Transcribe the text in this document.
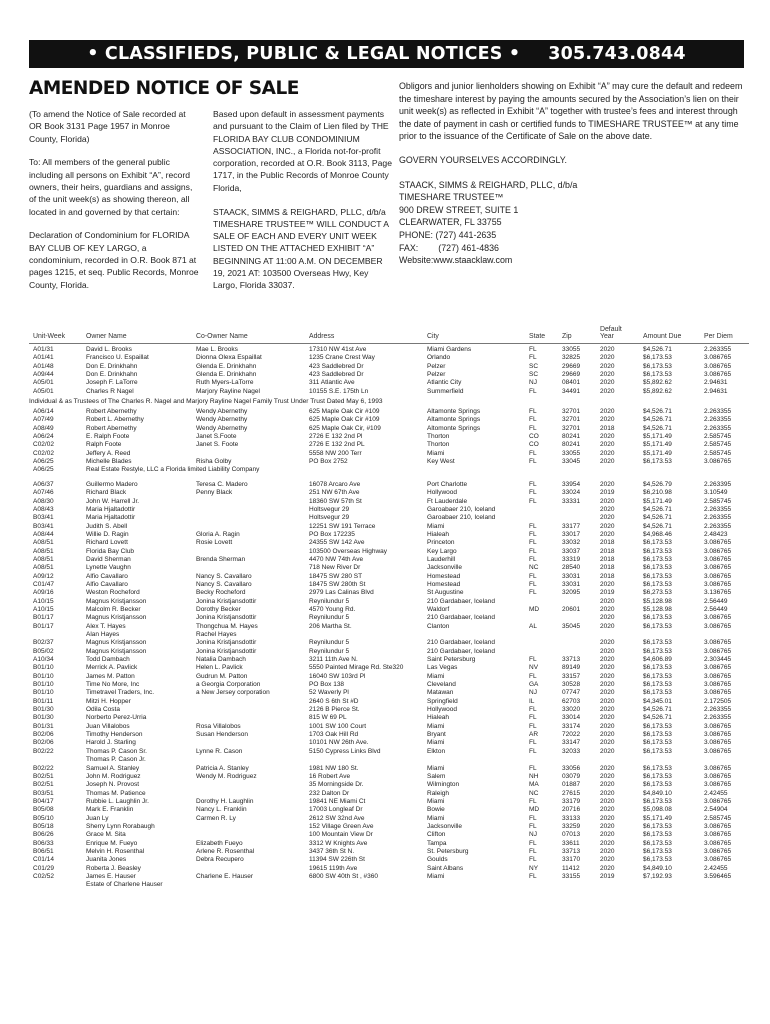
• CLASSIFIEDS, PUBLIC & LEGAL NOTICES • 305.743.0844
AMENDED NOTICE OF SALE

(To amend the Notice of Sale recorded at OR Book 3131 Page 1957 in Monroe County, Florida)

To: All members of the general public including all persons on Exhibit “A”, record owners, their heirs, guardians and assigns, of the unit week(s) as showing thereon, all located in and governed by that certain:

Declaration of Condominium for FLORIDA BAY CLUB OF KEY LARGO, a condominium, recorded in O.R. Book 871 at pages 1215, et seq. Public Records, Monroe County, Florida.

Based upon default in assessment payments and pursuant to the Claim of Lien filed by THE FLORIDA BAY CLUB CONDOMINIUM ASSOCIATION, INC., a Florida not-for-profit corporation, recorded at O.R. Book 3113, Page 1717, in the Public Records of Monroe County Florida,

STAACK, SIMMS & REIGHARD, PLLC, d/b/a TIMESHARE TRUSTEE™ WILL CONDUCT A SALE OF EACH AND EVERY UNIT WEEK LISTED ON THE ATTACHED EXHIBIT “A” BEGINNING AT 11:00 A.M. ON DECEMBER 19, 2021 AT: 103500 Overseas Hwy, Key Largo, Florida 33037.

Obligors and junior lienholders showing on Exhibit “A” may cure the default and redeem the timeshare interest by paying the amounts secured by the Association’s lien on their unit week(s) as reflected in Exhibit “A” together with trustee’s fees and interest through the date of payment in cash or certified funds to TIMESHARE TRUSTEE™ at any time prior to the issuance of the Certificate of Sale on the above date.

GOVERN YOURSELVES ACCORDINGLY.

STAACK, SIMMS & REIGHARD, PLLC, d/b/a
TIMESHARE TRUSTEE™
900 DREW STREET, SUITE 1
CLEARWATER, FL 33755
PHONE: (727) 441-2635
FAX: (727) 461-4836
Website:www.staacklaw.com
Unit-Week	Owner Name	Co-Owner Name	Address	City	State Zip
Default Year	Amount Due	Per Diem
A01/31	David L. Brooks	Mae L. Brooks	17310 NW 41st Ave	Miami Gardens	FL	33055	2020	$4,526.71	2.263355
A01/41	Francisco U. Espaillat	Dionna Olexa Espaillat	1235 Crane Crest Way	Orlando	FL	32825	2020	$6,173.53	3.086765
A01/48	Don E. Drinkhahn	Glenda E. Drinkhahn	423 Saddlebred Dr	Pelzer	SC	29669	2020	$6,173.53	3.086765
A09/44	Don E. Drinkhahn	Glenda E. Drinkhahn	423 Saddlebred Dr	Pelzer	SC	29669	2020	$6,173.53	3.086765
A05/01	Joseph F. LaTorre	Ruth Myers-LaTorre	311 Atlantic Ave	Atlantic City	NJ	08401	2020	$5,892.62	2.94631
A05/01	Charles R Nagel	Marjory Rayline Nagel	10155 S.E. 175th Ln	Summerfield	FL	34491	2020	$5,892.62	2.94631
Individual & as Trustees of The Charles R. Nagel and Marjory Rayline Nagel Family Trust Under Trust Dated May 6, 1993
A06/14	Robert Abernethy	Wendy Abernethy	625 Maple Oak Cir #109	Altamonte Springs	FL	32701	2020	$4,526.71	2.263355
A07/49	Robert L. Abernethy	Wendy Abernethy	625 Maple Oak Cir #109	Altamonte Springs	FL	32701	2020	$4,526.71	2.263355
A08/49	Robert Abernethy	Wendy Abernethy	625 Maple Oak Cir, #109	Altomonte Springs	FL	32701	2018	$4,526.71	2.263355
A06/24	E. Ralph Foote	Janet S.Foote	2726 E 132 2nd Pl	Thorton	CO	80241	2020	$5,171.49	2.585745
C02/02	Ralph Foote	Janet S. Foote	2726 E 132 2nd PL	Thorton	CO	80241	2020	$5,171.49	2.585745
C02/02	Jeffery A. Reed	5558 NW 200 Terr	Miami	FL	33055	2020	$5,171.49	2.585745
A06/25	Michelle Blades	Risha Golby	PO Box 2752	Key West	FL	33045	2020	$6,173.53	3.086765
A06/25	Real Estate Restyle, LLC a Florida limited Liability Company
A06/37	Guillermo Madero	Teresa C. Madero	16078 Arcaro Ave	Port Charlotte	FL	33954	2020	$4,526.79	2.263395
A07/46	Richard Black	Penny Black	251 NW 67th Ave	Hollywood	FL	33024	2019	$6,210.98	3.10549
A08/30	John W. Harrell Jr.	18360 SW 57th St	Ft Lauderdale	FL	33331	2020	$5,171.49	2.585745
A08/43	Maria Hjaltadottir	Holtsvegur 29	Garoabaer 210, Iceland	2020	$4,526.71	2.263355
B03/41	Maria Hjaltadottir	Holtsvegur 29	Garoabaer 210, Iceland	2020	$4,526.71	2.263355
B03/41	Judith S. Abell	12251 SW 191 Terrace	Miami	FL	33177	2020	$4,526.71	2.263355
A08/44	Willie D. Ragin	Gloria A. Ragin	PO Box 172235	Hialeah	FL	33017	2020	$4,968.46	2.48423
A08/51	Richard Lovett	Rosie Lovett	24355 SW 142 Ave	Princeton	FL	33032	2018	$6,173.53	3.086765
A08/51	Florida Bay Club	103500 Overseas Highway	Key Largo	FL	33037	2018	$6,173.53	3.086765
A08/51	David Sherman	Brenda Sherman	4470 NW 74th Ave	Lauderhill	FL	33319	2018	$6,173.53	3.086765
A08/51	Lynette Vaughn	718 New River Dr	Jacksonville	NC	28540	2018	$6,173.53	3.086765
A09/12	Alfio Cavallaro	Nancy S. Cavallaro	18475 SW 280 ST	Homestead	FL	33031	2018	$6,173.53	3.086765
C01/47	Alfio Cavallaro	Nancy S. Cavallaro	18475 SW 280th St	Homestead	FL	33031	2020	$6,173.53	3.086765
A09/16	Weston Rocheford	Becky Rocheford	2979 Las Calinas Blvd	St Augustine	FL	32095	2019	$6,273.53	3.136765
A10/15	Magnus Kristjansson	Jonina Kristjansdottir	Reynilundur 5	210 Gardabaer, Iceland	2020	$5,128.98	2.56449
A10/15	Malcolm R. Becker	Dorothy Becker	4570 Young Rd.	Waldorf	MD	20601	2020	$5,128.98	2.56449
B01/17	Magnus Kristjansson	Jonina Kristjansdottir	Reynilundur 5	210 Gardabaer, Iceland	2020	$6,173.53	3.086765
B01/17	Alex T. Hayes	Thongchua M. Hayes	206 Martha St.	Clanton	AL	35045	2020	$6,173.53	3.086765
Alan Hayes	Rachel Hayes
B02/37	Magnus Kristjansson	Jonina Kristjansdottir	Reynilundur 5	210 Gardabaer, Iceland	2020	$6,173.53	3.086765
B05/02	Magnus Kristjansson	Jonina Kristjansdottir	Reynilundur 5	210 Gardabaer, Iceland	2020	$6,173.53	3.086765
A10/34	Todd Dambach	Natalia Dambach	3211 11th Ave N.	Saint Petersburg	FL	33713	2020	$4,606.89	2.303445
B01/10	Merrick A. Pavlick	Helen L. Pavlick	5550 Painted Mirage Rd. Ste320	Las Vegas	NV	89149	2020	$6,173.53	3.086765
B01/10	James M. Patton	Gudrun M. Patton	16040 SW 103rd Pl	Miami	FL	33157	2020	$6,173.53	3.086765
B01/10	Time No More, Inc	a Georgia Corporation	PO Box 138	Cleveland	GA	30528	2020	$6,173.53	3.086765
B01/10	Timetravel Traders, Inc.	a New Jersey corporation	52 Waverly Pl	Matawan	NJ	07747	2020	$6,173.53	3.086765
B01/11	Mitzi H. Hopper	2640 S 6th St #D	Springfield	IL	62703	2020	$4,345.01	2.172505
B01/30	Odila Costa	2126 B Pierce St.	Hollywood	FL	33020	2020	$4,526.71	2.263355
B01/30	Norberto Perez-Urria	815 W 69 PL	Hialeah	FL	33014	2020	$4,526.71	2.263355
B01/31	Juan Villalobos	Rosa Villalobos	1001 SW 100 Court	Miami	FL	33174	2020	$6,173.53	3.086765
B02/06	Timothy Henderson	Susan Henderson	1703 Oak Hill Rd	Bryant	AR	72022	2020	$6,173.53	3.086765
B02/06	Harold J. Starling	10101 NW 26th Ave.	Miami	FL	33147	2020	$6,173.53	3.086765
B02/22	Thomas P. Cason Sr.	Lynne R. Cason	5150 Cypress Links Blvd	Elkton	FL	32033	2020	$6,173.53	3.086765
Thomas P. Cason Jr.
B02/22	Samuel A. Stanley	Patricia A. Stanley	1981 NW 180 St.	Miami	FL	33056	2020	$6,173.53	3.086765
B02/51	John M. Rodriguez	Wendy M. Rodriguez	16 Robert Ave	Salem	NH	03079	2020	$6,173.53	3.086765
B02/51	Joseph N. Provost	35 Morningside Dr.	Wilmington	MA	01887	2020	$6,173.53	3.086765
B03/51	Thomas M. Patience	232 Dalton Dr	Raleigh	NC	27615	2020	$4,849.10	2.42455
B04/17	Rubbie L. Laughlin Jr.	Dorothy H. Laughlin	19841 NE Miami Ct	Miami	FL	33179	2020	$6,173.53	3.086765
B05/08	Mark E. Franklin	Nancy L. Franklin	17003 Longleaf Dr	Bowie	MD	20716	2020	$5,098.08	2.54904
B05/10	Juan Ly	Carmen R. Ly	2612 SW 32nd Ave	Miami	FL	33133	2020	$5,171.49	2.585745
B05/18	Sherry Lynn Rorabaugh	152 Village Green Ave	Jacksonville	FL	33259	2020	$6,173.53	3.086765
B06/26	Grace M. Sita	100 Mountain View Dr	Clifton	NJ	07013	2020	$6,173.53	3.086765
B06/33	Enrique M. Fueyo	Elizabeth Fueyo	3312 W Knights Ave	Tampa	FL	33611	2020	$6,173.53	3.086765
B06/51	Melvin H. Rosenthal	Arlene R. Rosenthal	3437 36th St N.	St. Petersburg	FL	33713	2020	$6,173.53	3.086765
C01/14	Juanita Jones	Debra Recupero	11394 SW 226th St	Goulds	FL	33170	2020	$6,173.53	3.086765
C01/29	Roberta J. Beasley	19615 119th Ave	Saint Albans	NY	11412	2020	$4,849.10	2.42455
C02/52	James E. Hauser	Charlene E. Hauser	6800 SW 40th St , #360	Miami	FL	33155	2019	$7,192.93	3.596465
Estate of Charlene Hauser
